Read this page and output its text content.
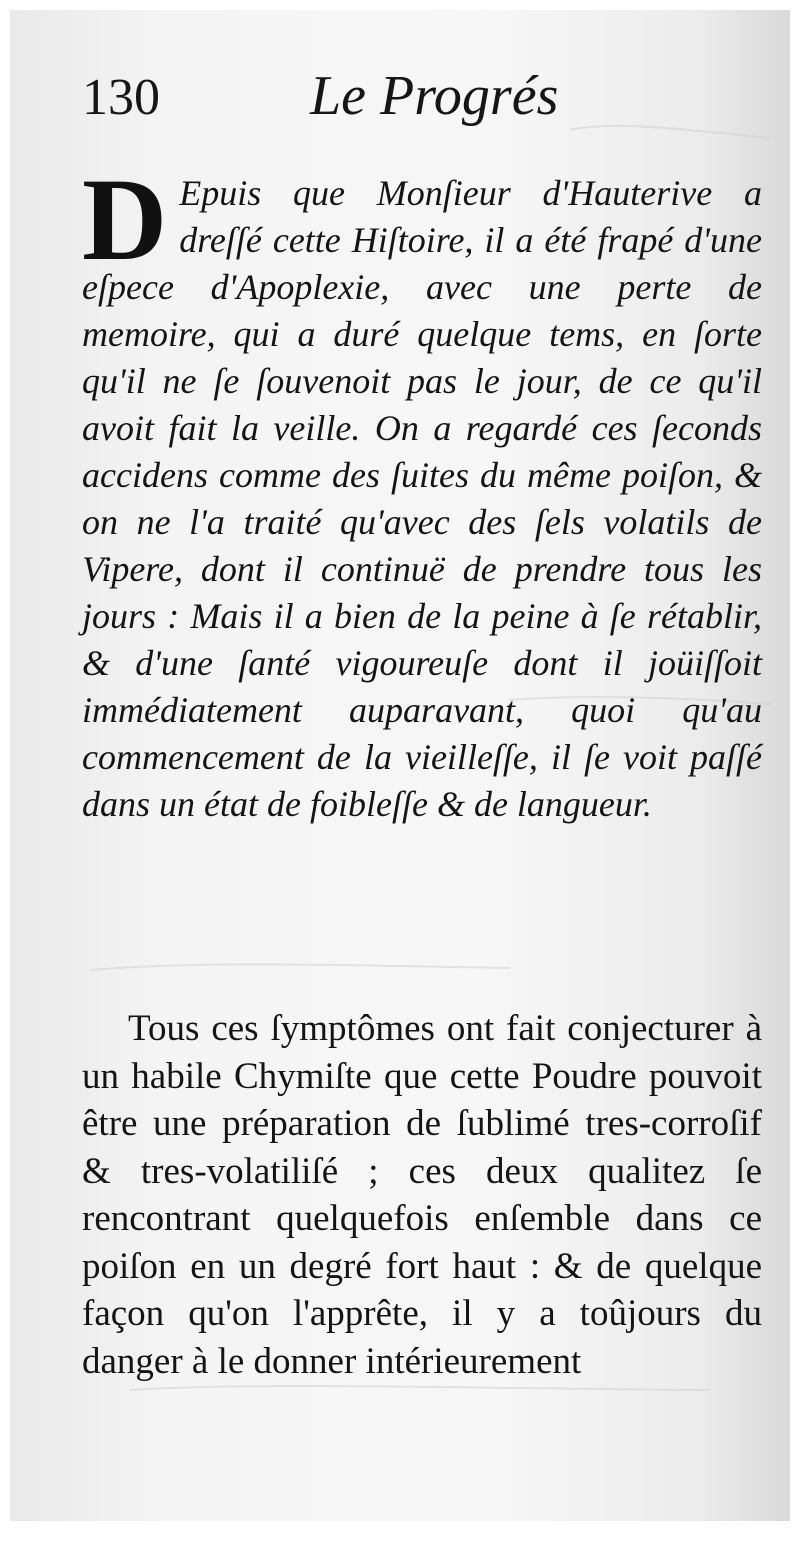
130	Le Progrés
D Epuis que Monſieur d'Hauterive a dreſſé cette Hiſtoire, il a été frapé d'une eſpece d'Apoplexie, avec une perte de memoire, qui a duré quelque tems, en ſorte qu'il ne ſe ſouvenoit pas le jour, de ce qu'il avoit fait la veille. On a regardé ces ſeconds accidens comme des ſuites du même poiſon, & on ne l'a traité qu'avec des ſels volatils de Vipere, dont il continuë de prendre tous les jours : Mais il a bien de la peine à ſe rétablir, & d'une ſanté vigoureuſe dont il joüiſſoit immédiatement auparavant, quoi qu'au commencement de la vieilleſſe, il ſe voit paſſé dans un état de foibleſſe & de langueur.
Tous ces ſymptômes ont fait conjecturer à un habile Chymiſte que cette Poudre pouvoit être une préparation de ſublimé tres-corroſif & tres-volatiliſé ; ces deux qualitez ſe rencontrant quelquefois enſemble dans ce poiſon en un degré fort haut : & de quelque façon qu'on l'apprête, il y a toûjours du danger à le donner intérieurement
